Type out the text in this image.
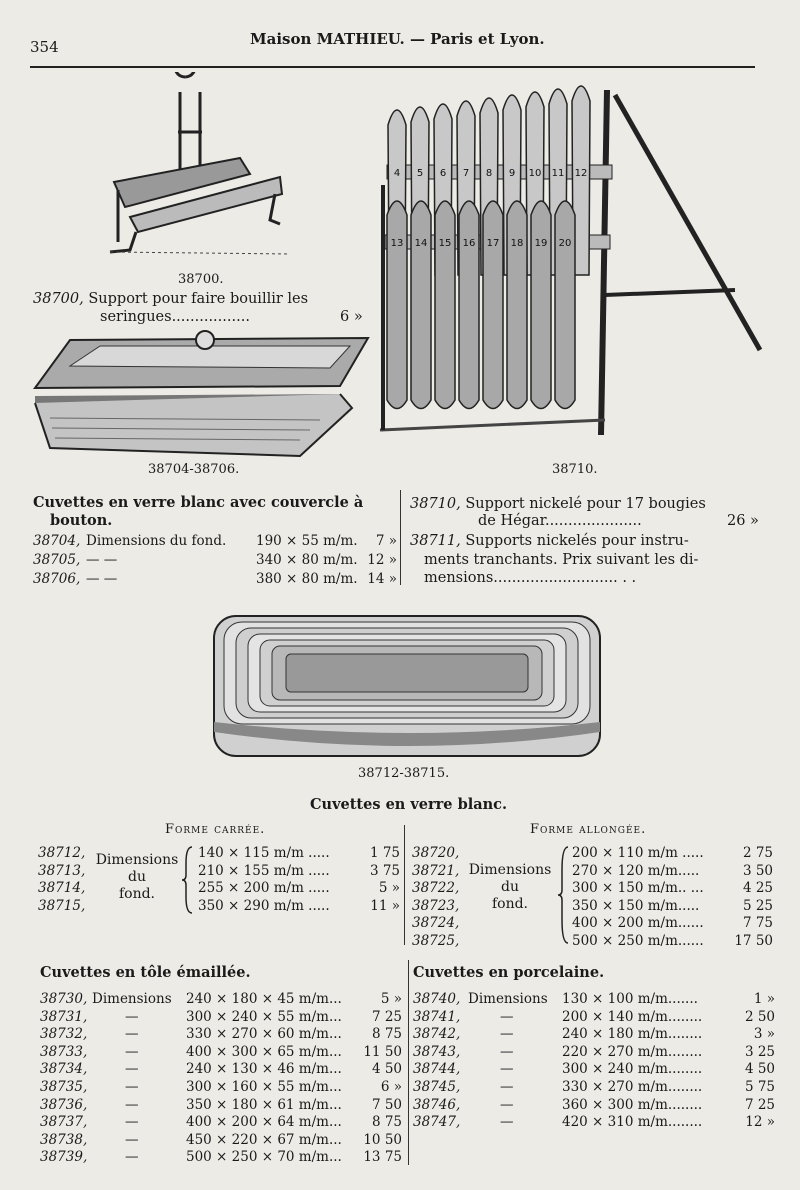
354	Maison MATHIEU. — Paris et Lyon.
38700.
38700, Support pour faire bouillir les
seringues.................	6 »
38704-38706.
4 5 6 7 8 9 10 11 12
13 14 15 16 17 18 19 20
38710.
Cuvettes en verre blanc avec couvercle à
bouton.
38704, Dimensions du fond. 190 × 55 m/m.	7 »
38705, — —	340 × 80 m/m. 12 »
38706, — —	380 × 80 m/m. 14 »
38710, Support nickelé pour 17 bougies
de Hégar.....................	26 »
38711, Supports nickelés pour instru-
ments tranchants. Prix suivant les di-
mensions........................... . .
38712-38715.
Cuvettes en verre blanc.
Forme carrée.	Forme allongée.
38712,	140 × 115 m/m .....	1 75
38713,	210 × 155 m/m .....	3 75
38714,	255 × 200 m/m .....	5 »
38715,	350 × 290 m/m .....	11 »
38720,	200 × 110 m/m .....	2 75
38721,	270 × 120 m/m.....	3 50
38722,	300 × 150 m/m.. ...	4 25
38723,	350 × 150 m/m.....	5 25
38724,	400 × 200 m/m......	7 75
38725,	500 × 250 m/m......	17 50
Dimensions
du
fond.
Dimensions
du
fond.
Cuvettes en tôle émaillée.	Cuvettes en porcelaine.
38730, Dimensions 240 × 180 × 45 m/m...	5 »
38731,	—	300 × 240 × 55 m/m...	7 25
38732,	—	330 × 270 × 60 m/m...	8 75
38733,	—	400 × 300 × 65 m/m...	11 50
38734,	—	240 × 130 × 46 m/m...	4 50
38735,	—	300 × 160 × 55 m/m...	6 »
38736,	—	350 × 180 × 61 m/m...	7 50
38737,	—	400 × 200 × 64 m/m...	8 75
38738,	—	450 × 220 × 67 m/m...	10 50
38739,	—	500 × 250 × 70 m/m...	13 75
38740, Dimensions 130 × 100 m/m.......	1 »
38741,	—	200 × 140 m/m........	2 50
38742,	—	240 × 180 m/m........	3 »
38743,	—	220 × 270 m/m........	3 25
38744,	—	300 × 240 m/m........	4 50
38745,	—	330 × 270 m/m........	5 75
38746,	—	360 × 300 m/m........	7 25
38747,	—	420 × 310 m/m........	12 »
